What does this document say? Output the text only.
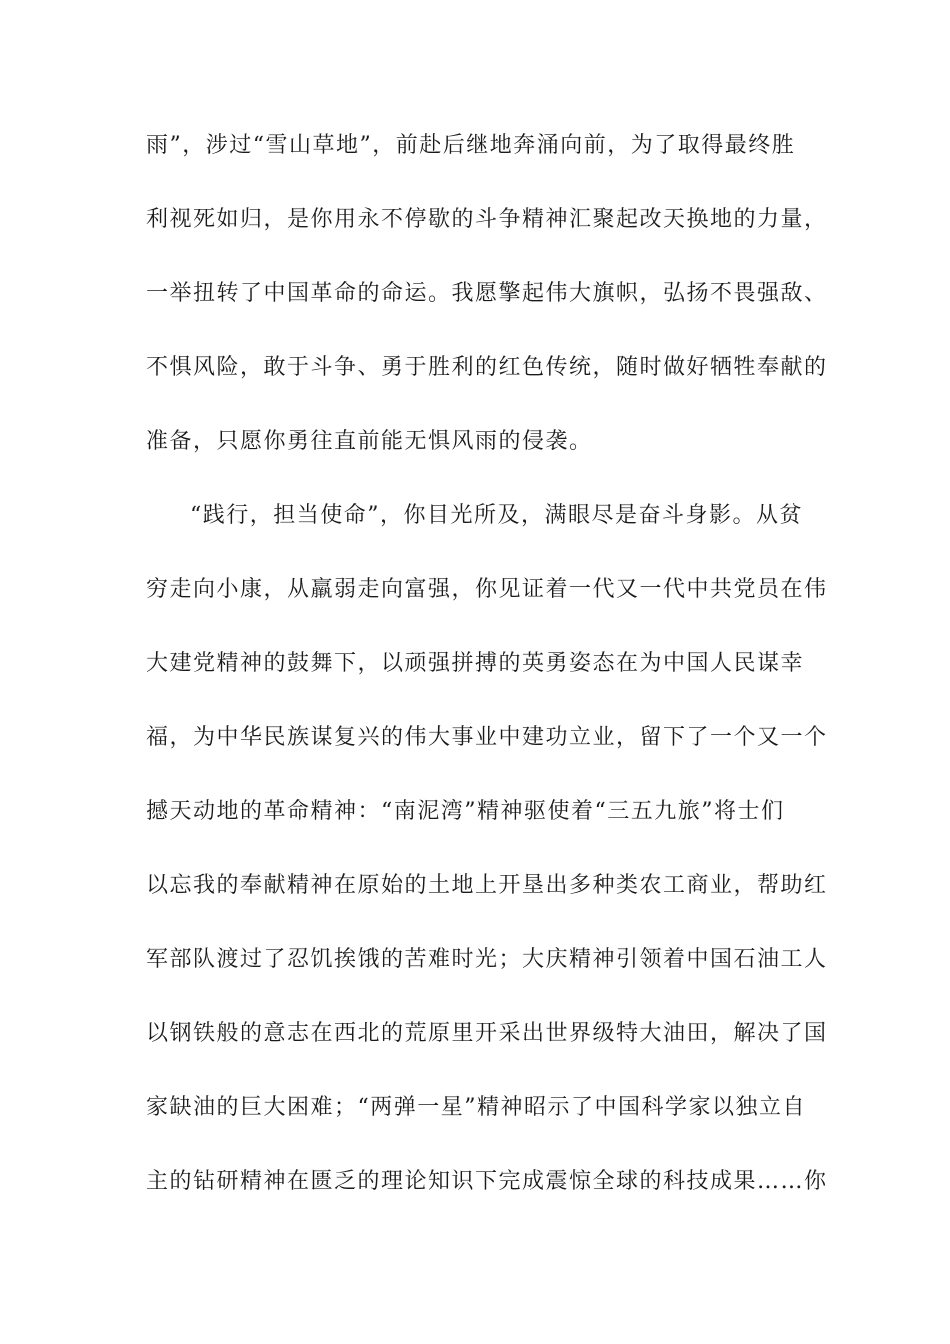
雨”，涉过“雪山草地”，前赴后继地奔涌向前，为了取得最终胜

利视死如归，是你用永不停歇的斗争精神汇聚起改天换地的力量，

一举扭转了中国革命的命运。我愿擎起伟大旗帜，弘扬不畏强敌、

不惧风险，敢于斗争、勇于胜利的红色传统，随时做好牺牲奉献的

准备，只愿你勇往直前能无惧风雨的侵袭。

“践行，担当使命”，你目光所及，满眼尽是奋斗身影。从贫

穷走向小康，从羸弱走向富强，你见证着一代又一代中共党员在伟

大建党精神的鼓舞下，以顽强拼搏的英勇姿态在为中国人民谋幸

福，为中华民族谋复兴的伟大事业中建功立业，留下了一个又一个

撼天动地的革命精神：“南泥湾”精神驱使着“三五九旅”将士们

以忘我的奉献精神在原始的土地上开垦出多种类农工商业，帮助红

军部队渡过了忍饥挨饿的苦难时光；大庆精神引领着中国石油工人

以钢铁般的意志在西北的荒原里开采出世界级特大油田，解决了国

家缺油的巨大困难；“两弹一星”精神昭示了中国科学家以独立自

主的钻研精神在匮乏的理论知识下完成震惊全球的科技成果……你
